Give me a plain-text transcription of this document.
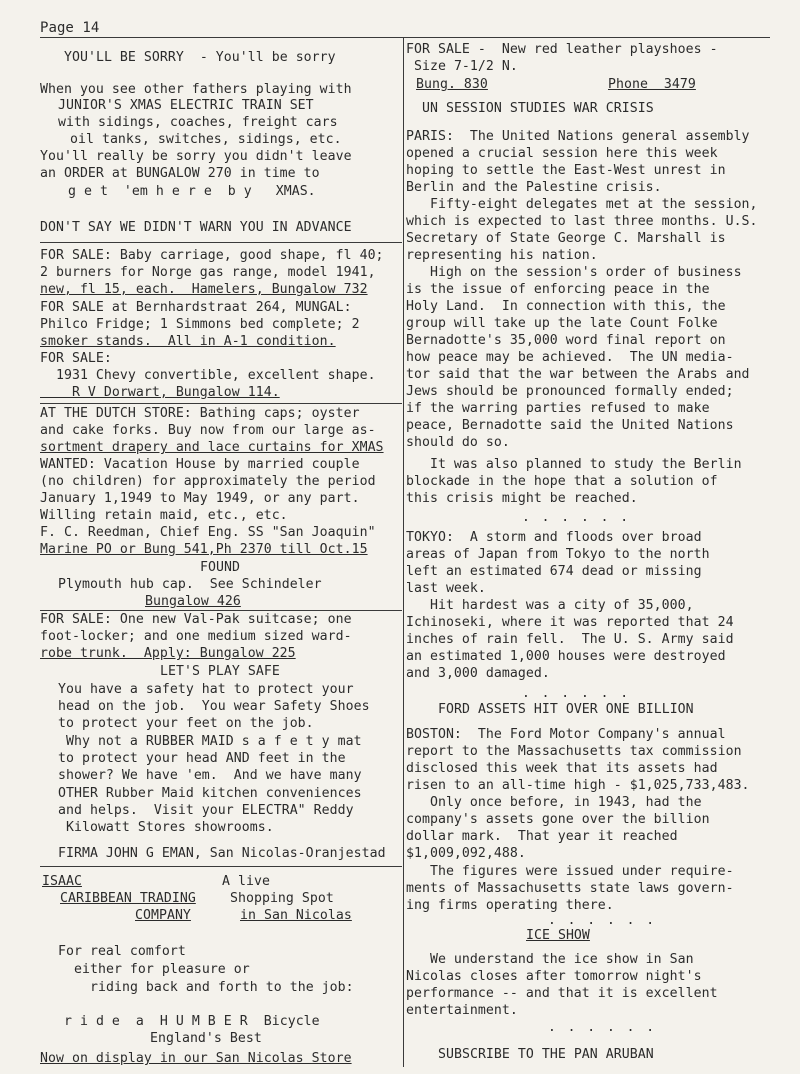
Page 14
YOU'LL BE SORRY  - You'll be sorry
When you see other fathers playing with
JUNIOR'S XMAS ELECTRIC TRAIN SET
with sidings, coaches, freight cars
oil tanks, switches, sidings, etc.
You'll really be sorry you didn't leave
an ORDER at BUNGALOW 270 in time to
g e t  'em h e r e  b y   XMAS.
DON'T SAY WE DIDN'T WARN YOU IN ADVANCE
FOR SALE: Baby carriage, good shape, fl 40;
2 burners for Norge gas range, model 1941,
new, fl 15, each.  Hamelers, Bungalow 732
FOR SALE at Bernhardstraat 264, MUNGAL:
Philco Fridge; 1 Simmons bed complete; 2
smoker stands.  All in A-1 condition.
FOR SALE:
1931 Chevy convertible, excellent shape.
R V Dorwart, Bungalow 114.
AT THE DUTCH STORE: Bathing caps; oyster
and cake forks. Buy now from our large as-
sortment drapery and lace curtains for XMAS
WANTED: Vacation House by married couple
(no children) for approximately the period
January 1,1949 to May 1949, or any part.
Willing retain maid, etc., etc.
F. C. Reedman, Chief Eng. SS "San Joaquin"
Marine PO or Bung 541,Ph 2370 till Oct.15
FOUND
Plymouth hub cap.  See Schindeler
Bungalow 426
FOR SALE: One new Val-Pak suitcase; one
foot-locker; and one medium sized ward-
robe trunk.  Apply: Bungalow 225
LET'S PLAY SAFE
You have a safety hat to protect your
head on the job.  You wear Safety Shoes
to protect your feet on the job.
Why not a RUBBER MAID s a f e t y mat
to protect your head AND feet in the
shower? We have 'em.  And we have many
OTHER Rubber Maid kitchen conveniences
and helps.  Visit your ELECTRA" Reddy
Kilowatt Stores showrooms.
FIRMA JOHN G EMAN, San Nicolas-Oranjestad
ISAAC	A live
CARIBBEAN TRADING	Shopping Spot
COMPANY	in San Nicolas
For real comfort
either for pleasure or
riding back and forth to the job:
r i d e  a  H U M B E R  Bicycle
England's Best
Now on display in our San Nicolas Store
FOR SALE -  New red leather playshoes -
Size 7-1/2 N.
Bung. 830	Phone  3479
UN SESSION STUDIES WAR CRISIS
PARIS:  The United Nations general assembly
opened a crucial session here this week
hoping to settle the East-West unrest in
Berlin and the Palestine crisis.
Fifty-eight delegates met at the session,
which is expected to last three months. U.S.
Secretary of State George C. Marshall is
representing his nation.
High on the session's order of business
is the issue of enforcing peace in the
Holy Land.  In connection with this, the
group will take up the late Count Folke
Bernadotte's 35,000 word final report on
how peace may be achieved.  The UN media-
tor said that the war between the Arabs and
Jews should be pronounced formally ended;
if the warring parties refused to make
peace, Bernadotte said the United Nations
should do so.
It was also planned to study the Berlin
blockade in the hope that a solution of
this crisis might be reached.
. . . . . .
TOKYO:  A storm and floods over broad
areas of Japan from Tokyo to the north
left an estimated 674 dead or missing
last week.
Hit hardest was a city of 35,000,
Ichinoseki, where it was reported that 24
inches of rain fell.  The U. S. Army said
an estimated 1,000 houses were destroyed
and 3,000 damaged.
. . . . . .
FORD ASSETS HIT OVER ONE BILLION
BOSTON:  The Ford Motor Company's annual
report to the Massachusetts tax commission
disclosed this week that its assets had
risen to an all-time high - $1,025,733,483.
Only once before, in 1943, had the
company's assets gone over the billion
dollar mark.  That year it reached
$1,009,092,488.
The figures were issued under require-
ments of Massachusetts state laws govern-
ing firms operating there.
. . . . . .
ICE SHOW
We understand the ice show in San
Nicolas closes after tomorrow night's
performance -- and that it is excellent
entertainment.
. . . . . .
SUBSCRIBE TO THE PAN ARUBAN
